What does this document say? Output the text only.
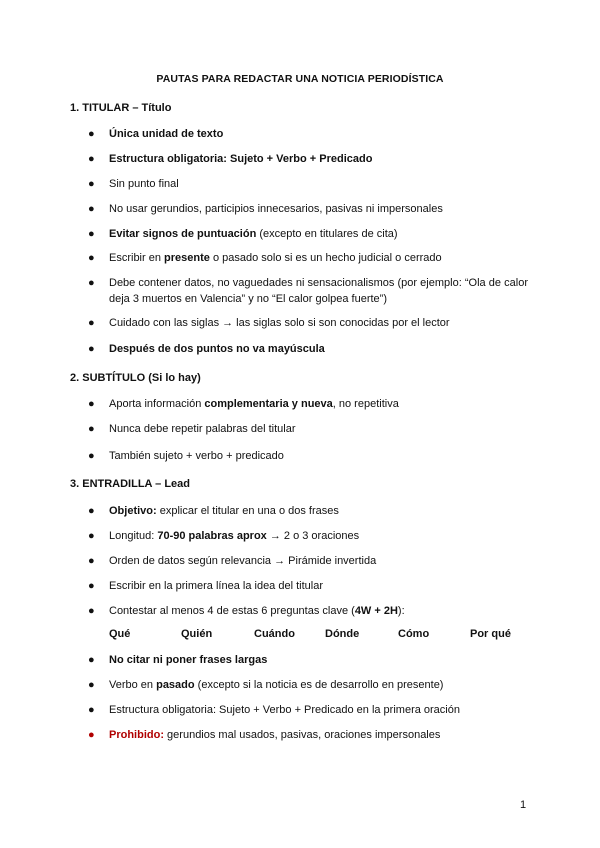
PAUTAS PARA REDACTAR UNA NOTICIA PERIODÍSTICA
1. TITULAR – Título
● Única unidad de texto
● Estructura obligatoria: Sujeto + Verbo + Predicado
● Sin punto final
● No usar gerundios, participios innecesarios, pasivas ni impersonales
● Evitar signos de puntuación (excepto en titulares de cita)
● Escribir en presente o pasado solo si es un hecho judicial o cerrado
● Debe contener datos, no vaguedades ni sensacionalismos (por ejemplo: “Ola de calor deja 3 muertos en Valencia” y no “El calor golpea fuerte”)
● Cuidado con las siglas → las siglas solo si son conocidas por el lector
● Después de dos puntos no va mayúscula
2. SUBTÍTULO (Si lo hay)
● Aporta información complementaria y nueva, no repetitiva
● Nunca debe repetir palabras del titular
● También sujeto + verbo + predicado
3. ENTRADILLA – Lead
● Objetivo: explicar el titular en una o dos frases
● Longitud: 70-90 palabras aprox → 2 o 3 oraciones
● Orden de datos según relevancia → Pirámide invertida
● Escribir en la primera línea la idea del titular
● Contestar al menos 4 de estas 6 preguntas clave (4W + 2H):
Qué	Quién	Cuándo	Dónde	Cómo	Por qué
● No citar ni poner frases largas
● Verbo en pasado (excepto si la noticia es de desarrollo en presente)
● Estructura obligatoria: Sujeto + Verbo + Predicado en la primera oración
● Prohibido: gerundios mal usados, pasivas, oraciones impersonales
1
